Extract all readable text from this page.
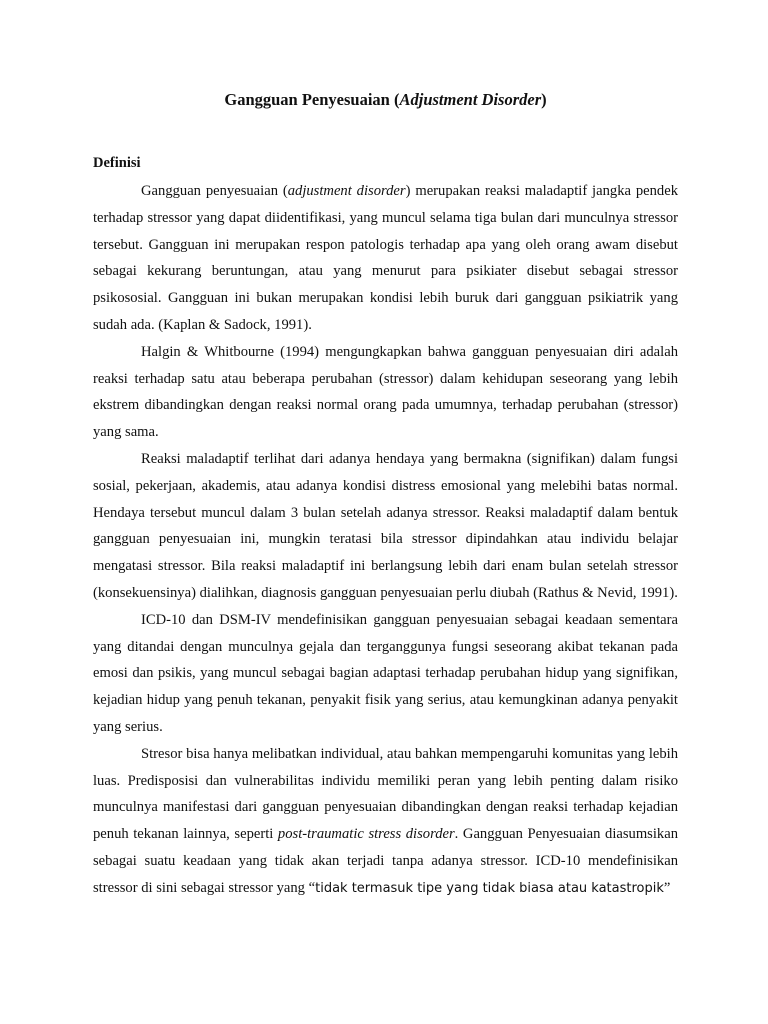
Gangguan Penyesuaian (Adjustment Disorder)
Definisi

Gangguan penyesuaian (adjustment disorder) merupakan reaksi maladaptif jangka pendek terhadap stressor yang dapat diidentifikasi, yang muncul selama tiga bulan dari munculnya stressor tersebut. Gangguan ini merupakan respon patologis terhadap apa yang oleh orang awam disebut sebagai kekurang beruntungan, atau yang menurut para psikiater disebut sebagai stressor psikososial. Gangguan ini bukan merupakan kondisi lebih buruk dari gangguan psikiatrik yang sudah ada. (Kaplan & Sadock, 1991).

Halgin & Whitbourne (1994) mengungkapkan bahwa gangguan penyesuaian diri adalah reaksi terhadap satu atau beberapa perubahan (stressor) dalam kehidupan seseorang yang lebih ekstrem dibandingkan dengan reaksi normal orang pada umumnya, terhadap perubahan (stressor) yang sama.

Reaksi maladaptif terlihat dari adanya hendaya yang bermakna (signifikan) dalam fungsi sosial, pekerjaan, akademis, atau adanya kondisi distress emosional yang melebihi batas normal. Hendaya tersebut muncul dalam 3 bulan setelah adanya stressor. Reaksi maladaptif dalam bentuk gangguan penyesuaian ini, mungkin teratasi bila stressor dipindahkan atau individu belajar mengatasi stressor. Bila reaksi maladaptif ini berlangsung lebih dari enam bulan setelah stressor (konsekuensinya) dialihkan, diagnosis gangguan penyesuaian perlu diubah (Rathus & Nevid, 1991).

ICD-10 dan DSM-IV mendefinisikan gangguan penyesuaian sebagai keadaan sementara yang ditandai dengan munculnya gejala dan terganggunya fungsi seseorang akibat tekanan pada emosi dan psikis, yang muncul sebagai bagian adaptasi terhadap perubahan hidup yang signifikan, kejadian hidup yang penuh tekanan, penyakit fisik yang serius, atau kemungkinan adanya penyakit yang serius.

Stresor bisa hanya melibatkan individual, atau bahkan mempengaruhi komunitas yang lebih luas. Predisposisi dan vulnerabilitas individu memiliki peran yang lebih penting dalam risiko munculnya manifestasi dari gangguan penyesuaian dibandingkan dengan reaksi terhadap kejadian penuh tekanan lainnya, seperti post-traumatic stress disorder. Gangguan Penyesuaian diasumsikan sebagai suatu keadaan yang tidak akan terjadi tanpa adanya stressor. ICD-10 mendefinisikan stressor di sini sebagai stressor yang “tidak termasuk tipe yang tidak biasa atau katastropik”
